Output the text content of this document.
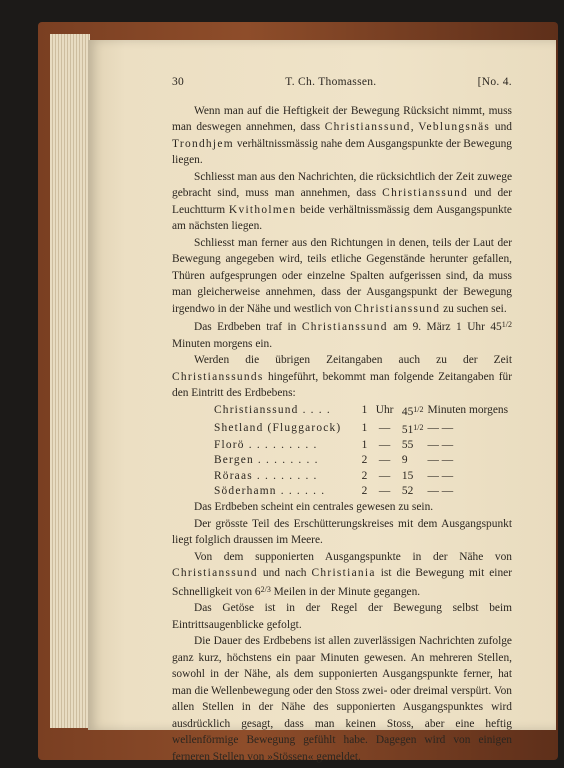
30	T. Ch. Thomassen.	[No. 4.

Wenn man auf die Heftigkeit der Bewegung Rücksicht nimmt, muss man deswegen annehmen, dass Christianssund, Veblungsnäs und Trondhjem verhältnissmässig nahe dem Ausgangspunkte der Bewegung liegen.

Schliesst man aus den Nachrichten, die rücksichtlich der Zeit zuwege gebracht sind, muss man annehmen, dass Christianssund und der Leuchtturm Kvitholmen beide verhältnissmässig dem Ausgangspunkte am nächsten liegen.

Schliesst man ferner aus den Richtungen in denen, teils der Laut der Bewegung angegeben wird, teils etliche Gegenstände herunter gefallen, Thüren aufgesprungen oder einzelne Spalten aufgerissen sind, da muss man gleicherweise annehmen, dass der Ausgangspunkt der Bewegung irgendwo in der Nähe und westlich von Christianssund zu suchen sei.

Das Erdbeben traf in Christianssund am 9. März 1 Uhr $45^{1/2}$ Minuten morgens ein.

Werden die übrigen Zeitangaben auch zu der Zeit Christianssunds hingeführt, bekommt man folgende Zeitangaben für den Eintritt des Erdbebens:

Christianssund . . . .	1	Uhr	$45^{1/2}$	Minuten morgens
Shetland (Fluggarock)	1	—	$51^{1/2}$	— —
Florö . . . . . . . . .	1	—	55	— —
Bergen . . . . . . . .	2	—	9	— —
Röraas . . . . . . . .	2	—	15	— —
Söderhamn . . . . . .	2	—	52	— —

Das Erdbeben scheint ein centrales gewesen zu sein.

Der grösste Teil des Erschütterungskreises mit dem Ausgangspunkt liegt folglich draussen im Meere.

Von dem supponierten Ausgangspunkte in der Nähe von Christianssund und nach Christiania ist die Bewegung mit einer Schnelligkeit von $6^{2/3}$ Meilen in der Minute gegangen.

Das Getöse ist in der Regel der Bewegung selbst beim Eintrittsaugenblicke gefolgt.

Die Dauer des Erdbebens ist allen zuverlässigen Nachrichten zufolge ganz kurz, höchstens ein paar Minuten gewesen. An mehreren Stellen, sowohl in der Nähe, als dem supponierten Ausgangspunkte ferner, hat man die Wellenbewegung oder den Stoss zwei- oder dreimal verspürt. Von allen Stellen in der Nähe des supponierten Ausgangspunktes wird ausdrücklich gesagt, dass man keinen Stoss, aber eine heftig wellenförmige Bewegung gefühlt habe. Dagegen wird von einigen ferneren Stellen von »Stössen« gemeldet.
